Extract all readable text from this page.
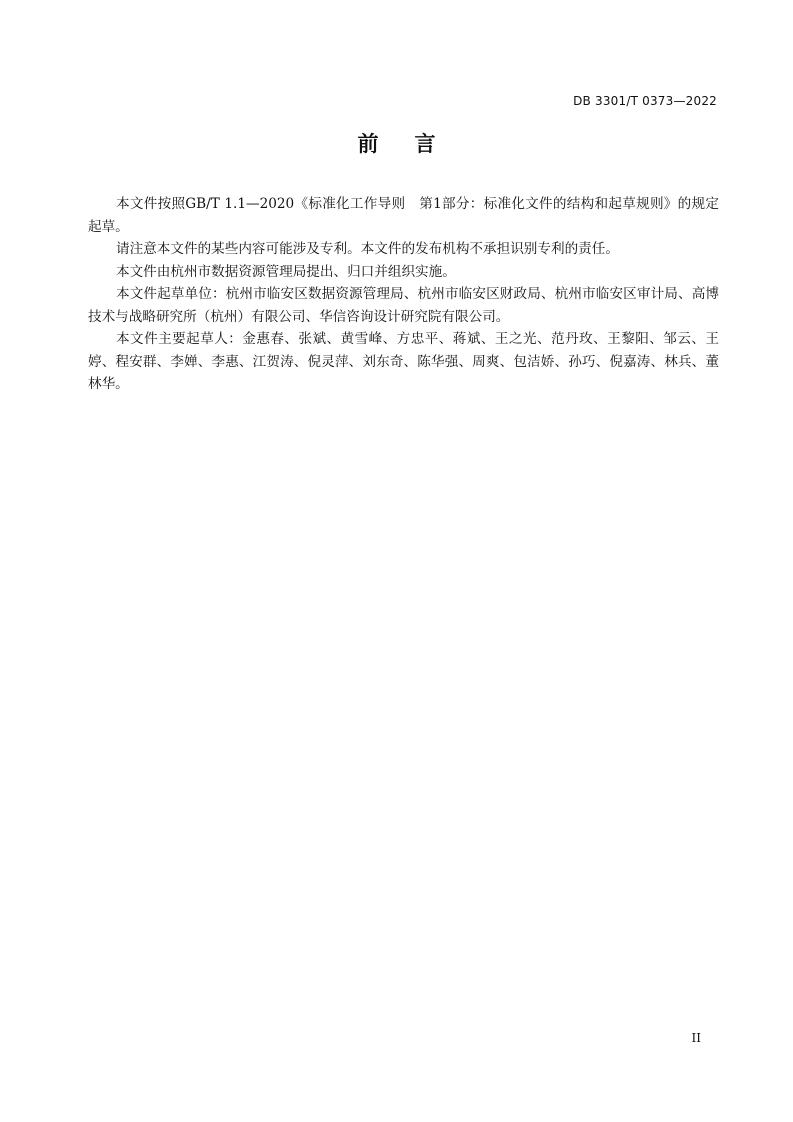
DB 3301/T 0373—2022
前言

本文件按照GB/T 1.1—2020《标准化工作导则　第1部分：标准化文件的结构和起草规则》的规定起草。

请注意本文件的某些内容可能涉及专利。本文件的发布机构不承担识别专利的责任。

本文件由杭州市数据资源管理局提出、归口并组织实施。

本文件起草单位：杭州市临安区数据资源管理局、杭州市临安区财政局、杭州市临安区审计局、高博技术与战略研究所（杭州）有限公司、华信咨询设计研究院有限公司。

本文件主要起草人：金惠春、张斌、黄雪峰、方忠平、蒋斌、王之光、范丹玫、王黎阳、邹云、王婷、程安群、李婵、李惠、江贺涛、倪灵萍、刘东奇、陈华强、周爽、包洁娇、孙巧、倪嘉涛、林兵、董林华。

II
